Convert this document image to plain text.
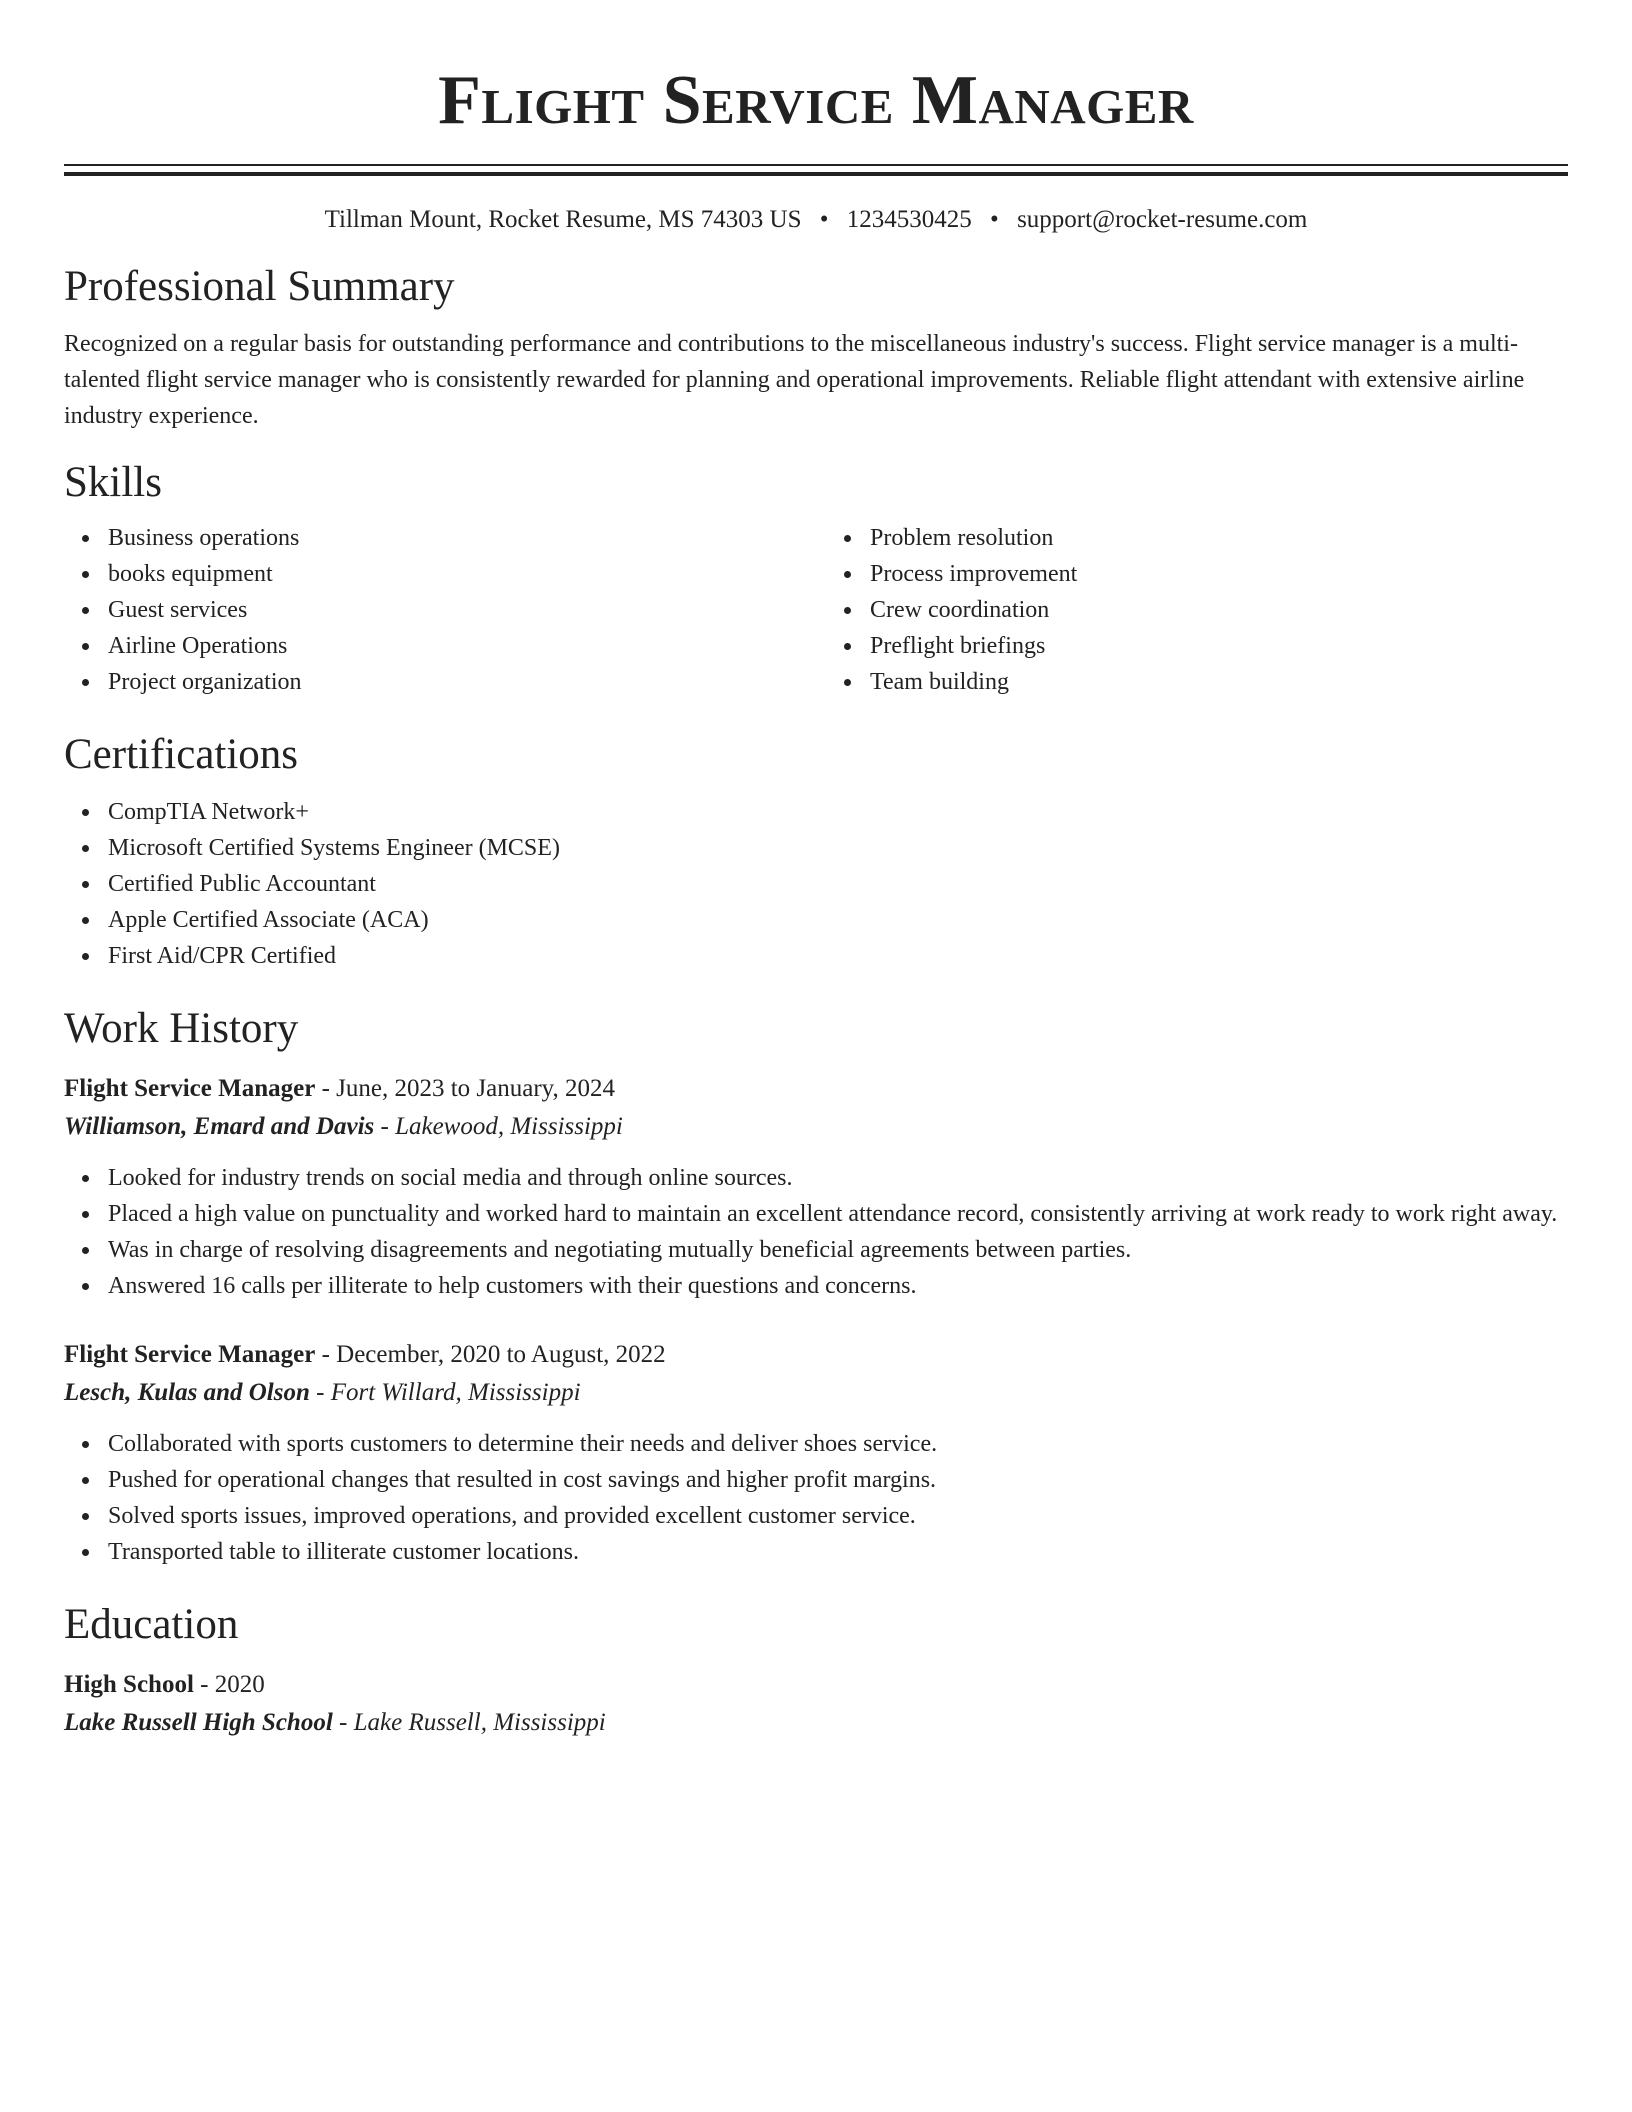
Flight Service Manager
Tillman Mount, Rocket Resume, MS 74303 US • 1234530425 • support@rocket-resume.com
Professional Summary

Recognized on a regular basis for outstanding performance and contributions to the miscellaneous industry's success. Flight service manager is a multi-talented flight service manager who is consistently rewarded for planning and operational improvements. Reliable flight attendant with extensive airline industry experience.

Skills
Business operations
books equipment
Guest services
Airline Operations
Project organization
Problem resolution
Process improvement
Crew coordination
Preflight briefings
Team building
Certifications
CompTIA Network+
Microsoft Certified Systems Engineer (MCSE)
Certified Public Accountant
Apple Certified Associate (ACA)
First Aid/CPR Certified
Work History
Flight Service Manager - June, 2023 to January, 2024
Williamson, Emard and Davis - Lakewood, Mississippi
Looked for industry trends on social media and through online sources.
Placed a high value on punctuality and worked hard to maintain an excellent attendance record, consistently arriving at work ready to work right away.
Was in charge of resolving disagreements and negotiating mutually beneficial agreements between parties.
Answered 16 calls per illiterate to help customers with their questions and concerns.
Flight Service Manager - December, 2020 to August, 2022
Lesch, Kulas and Olson - Fort Willard, Mississippi
Collaborated with sports customers to determine their needs and deliver shoes service.
Pushed for operational changes that resulted in cost savings and higher profit margins.
Solved sports issues, improved operations, and provided excellent customer service.
Transported table to illiterate customer locations.
Education
High School - 2020
Lake Russell High School - Lake Russell, Mississippi
